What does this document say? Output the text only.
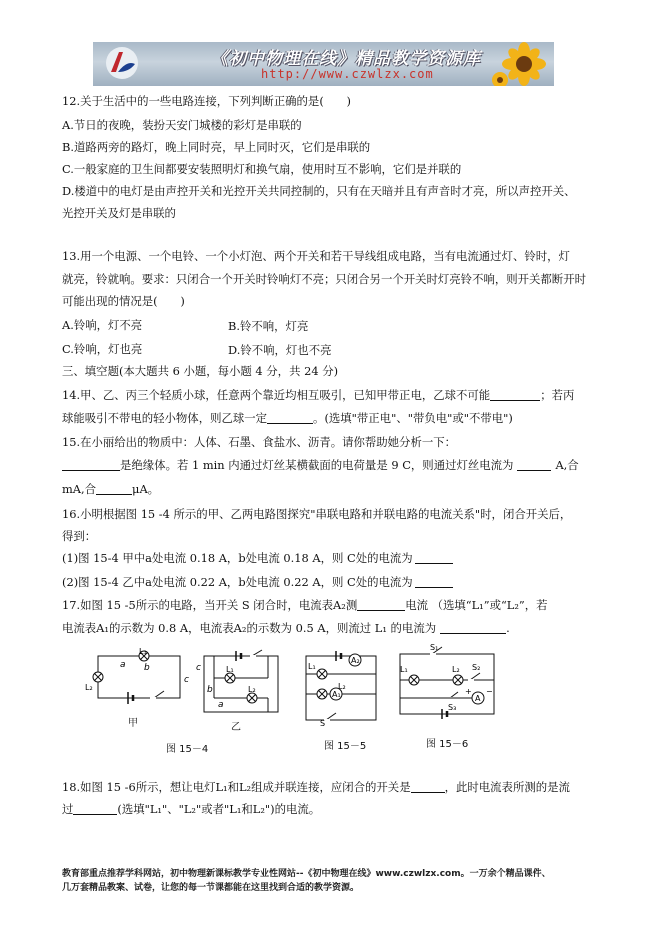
《初中物理在线》精品教学资源库
http://www.czwlzx.com
12.关于生活中的一些电路连接，下列判断正确的是(　　)
A.节日的夜晚，装扮天安门城楼的彩灯是串联的
B.道路两旁的路灯，晚上同时亮，早上同时灭，它们是串联的
C.一般家庭的卫生间都要安装照明灯和换气扇，使用时互不影响，它们是并联的
D.楼道中的电灯是由声控开关和光控开关共同控制的，只有在天暗并且有声音时才亮，所以声控开关、
光控开关及灯是串联的
13.用一个电源、一个电铃、一个小灯泡、两个开关和若干导线组成电路，当有电流通过灯、铃时，灯
就亮，铃就响。要求：只闭合一个开关时铃响灯不亮；只闭合另一个开关时灯亮铃不响，则开关都断开时
可能出现的情况是(　　)
A.铃响，灯不亮	B.铃不响，灯亮
C.铃响，灯也亮	D.铃不响，灯也不亮
三、填空题(本大题共 6 小题，每小题 4 分，共 24 分)
14.甲、乙、丙三个轻质小球，任意两个靠近均相互吸引，已知甲带正电，乙球不可能	；若丙
球能吸引不带电的轻小物体，则乙球一定	。(选填"带正电"、"带负电"或"不带电")
15.在小丽给出的物质中：人体、石墨、食盐水、沥青。请你帮助她分析一下：
是绝缘体。若 1 min 内通过灯丝某横截面的电荷量是 9 C，则通过灯丝电流为	A,合
mA,合	μA。
16.小明根据图 15 -4 所示的甲、乙两电路图探究"串联电路和并联电路的电流关系"时，闭合开关后，
得到：
(1)图 15-4 甲中a处电流 0.18 A，b处电流 0.18 A，则 C处的电流为
(2)图 15-4 乙中a处电流 0.22 A，b处电流 0.22 A，则 C处的电流为
17.如图 15 -5所示的电路，当开关 S 闭合时，电流表A₂测	电流 （选填“L₁”或“L₂”，若
电流表A₁的示数为 0.8 A，电流表A₂的示数为 0.5 A，则流过 L₁ 的电流为	.
a b
c
L₁
L₂
甲
c
b
a
L₁
L₂
乙
图 15－4
A₂
A₁
L₁
L₂
S
图 15－5
S₁
S₂
S₃
L₁	L₂
A
+ −
图 15－6
18.如图 15 -6所示，想让电灯L₁和L₂组成并联连接，应闭合的开关是	，此时电流表所测的是流
过	(选填"L₁"、"L₂"或者"L₁和L₂")的电流。
教育部重点推荐学科网站，初中物理新课标教学专业性网站--《初中物理在线》www.czwlzx.com。一万余个精品课件、
几万套精品教案、试卷，让您的每一节课都能在这里找到合适的教学资源。
